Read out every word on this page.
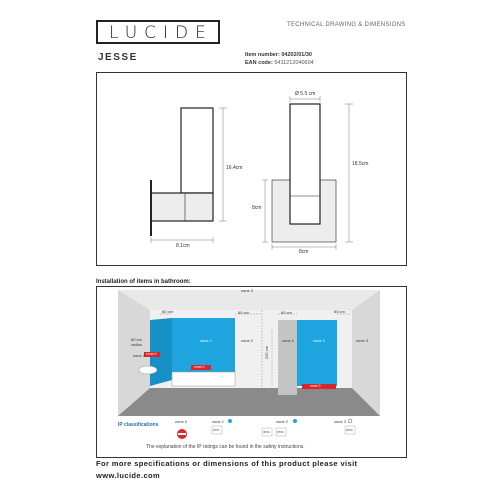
LUCIDE	TECHNICAL DRAWING & DIMENSIONS
JESSE	Item number: 04202/01/30
EAN code: 5411212040604
16.4cm
8.1cm
Ø 5.5 cm
18.5cm
8cm
8cm
Installation of items in bathroom:
zone 3
60 cm	60 cm	60 cm	60 cm
zone 1	zone 2	zone 1
zone 2	zone 3
225 cm
60 cm radius
zone 2
zone 0
zone 0
zone 0
IP classifications
zone 0	zone 1	zone 2	zone 3
IPX7	IPX4 IPX4	IPX4
The explanation of the IP ratings can be found in the safety instructions.
For more specifications or dimensions of this product please visit
www.lucide.com
